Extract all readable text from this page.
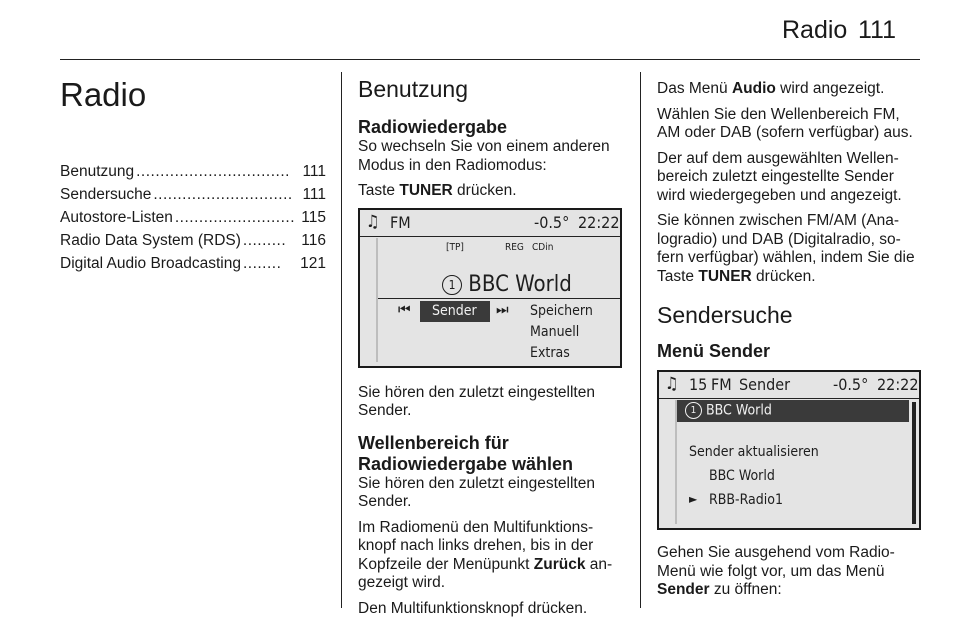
Radio 111
Radio
Benutzung ................................ 111
Sendersuche ............................. 111
Autostore-Listen ......................... 115
Radio Data System (RDS) ......... 116
Digital Audio Broadcasting ........	121
Benutzung
Radiowiedergabe

So wechseln Sie von einem anderen Modus in den Radiomodus:

Taste TUNER drücken.

♫ FM	-0.5° 22:22
[TP]	REG CDin
1 BBC World
⏮ Sender ⏭ Speichern
Manuell
Extras

Sie hören den zuletzt eingestellten Sender.

Wellenbereich für
Radiowiedergabe wählen

Sie hören den zuletzt eingestellten Sender.

Im Radiomenü den Multifunktionsknopf nach links drehen, bis in der Kopfzeile der Menüpunkt Zurück angezeigt wird.

Den Multifunktionsknopf drücken.

Das Menü Audio wird angezeigt.

Wählen Sie den Wellenbereich FM, AM oder DAB (sofern verfügbar) aus.

Der auf dem ausgewählten Wellenbereich zuletzt eingestellte Sender wird wiedergegeben und angezeigt.

Sie können zwischen FM/AM (Analogradio) und DAB (Digitalradio, sofern verfügbar) wählen, indem Sie die Taste TUNER drücken.

Sendersuche
Menü Sender
♫ 15 FM Sender	-0.5° 22:22
1 BBC World
Sender aktualisieren
BBC World
► RBB-Radio1

Gehen Sie ausgehend vom Radio-Menü wie folgt vor, um das Menü Sender zu öffnen:
